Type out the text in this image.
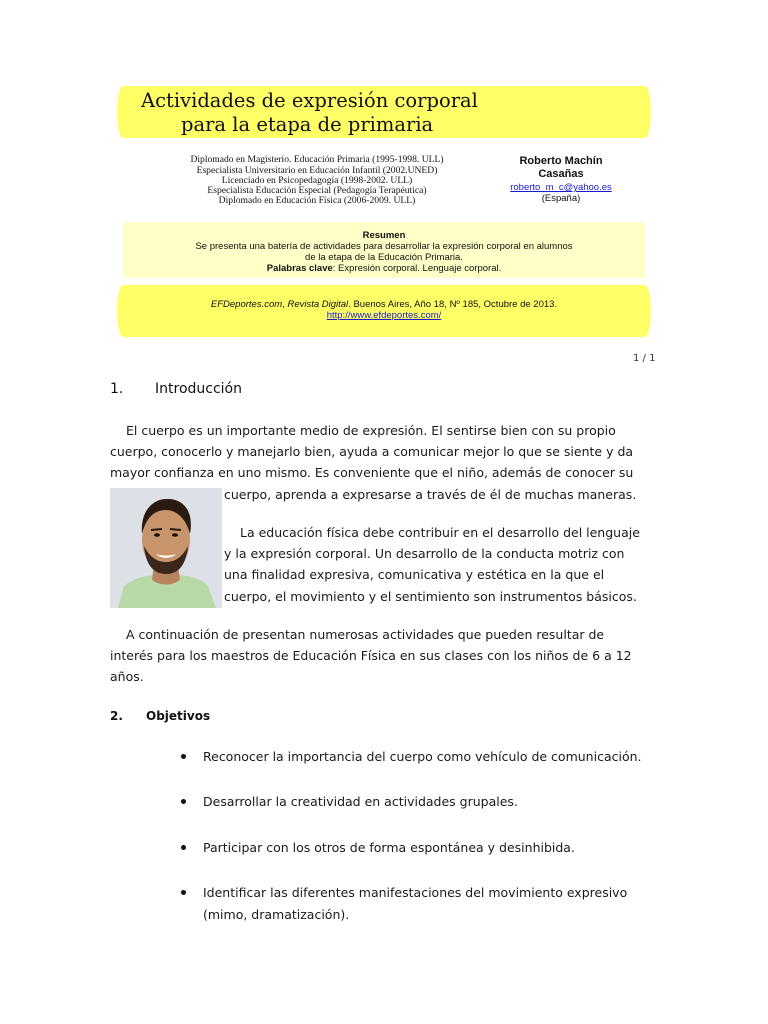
Actividades de expresión corporal
para la etapa de primaria
Diplomado en Magisterio. Educación Primaria (1995-1998. ULL)
Especialista Universitario en Educación Infantil (2002.UNED)
Licenciado en Psicopedagogía (1998-2002. ULL)
Especialista Educación Especial (Pedagogía Terapéutica)
Diplomado en Educación Física (2006-2009. ULL)
Roberto Machín
Casañas
roberto_m_c@yahoo.es
(España)
Resumen
Se presenta una batería de actividades para desarrollar la expresión corporal en alumnos
de la etapa de la Educación Primaria.
Palabras clave: Expresión corporal. Lenguaje corporal.
EFDeportes.com, Revista Digital. Buenos Aires, Año 18, Nº 185, Octubre de 2013.
http://www.efdeportes.com/
1 / 1
1. Introducción
El cuerpo es un importante medio de expresión. El sentirse bien con su propio
cuerpo, conocerlo y manejarlo bien, ayuda a comunicar mejor lo que se siente y da
mayor confianza en uno mismo. Es conveniente que el niño, además de conocer su
cuerpo, aprenda a expresarse a través de él de muchas maneras.
La educación física debe contribuir en el desarrollo del lenguaje
y la expresión corporal. Un desarrollo de la conducta motriz con
una finalidad expresiva, comunicativa y estética en la que el
cuerpo, el movimiento y el sentimiento son instrumentos básicos.
A continuación de presentan numerosas actividades que pueden resultar de
interés para los maestros de Educación Física en sus clases con los niños de 6 a 12
años.
2. Objetivos
Reconocer la importancia del cuerpo como vehículo de comunicación.
Desarrollar la creatividad en actividades grupales.
Participar con los otros de forma espontánea y desinhibida.
Identificar las diferentes manifestaciones del movimiento expresivo
(mimo, dramatización).
